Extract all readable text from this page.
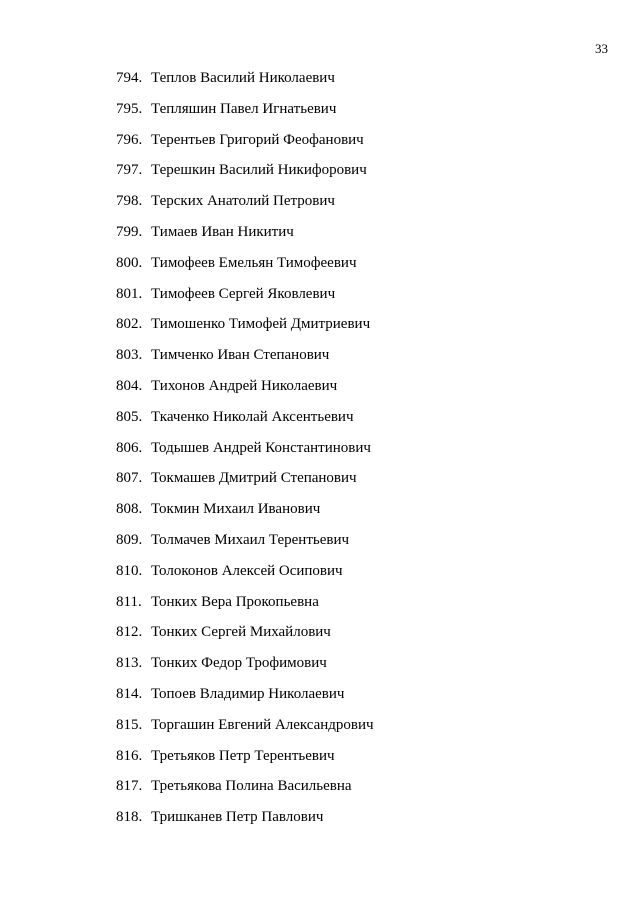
33
794. Теплов Василий Николаевич
795. Тепляшин Павел Игнатьевич
796. Терентьев Григорий Феофанович
797. Терешкин Василий Никифорович
798. Терских Анатолий Петрович
799. Тимаев Иван Никитич
800. Тимофеев Емельян Тимофеевич
801. Тимофеев Сергей Яковлевич
802. Тимошенко Тимофей Дмитриевич
803. Тимченко Иван Степанович
804. Тихонов Андрей Николаевич
805. Ткаченко Николай Аксентьевич
806. Тодышев Андрей Константинович
807. Токмашев Дмитрий Степанович
808. Токмин Михаил Иванович
809. Толмачев Михаил Терентьевич
810. Толоконов Алексей Осипович
811. Тонких Вера Прокопьевна
812. Тонких Сергей Михайлович
813. Тонких Федор Трофимович
814. Топоев Владимир Николаевич
815. Торгашин Евгений Александрович
816. Третьяков Петр Терентьевич
817. Третьякова Полина Васильевна
818. Тришканев Петр Павлович
